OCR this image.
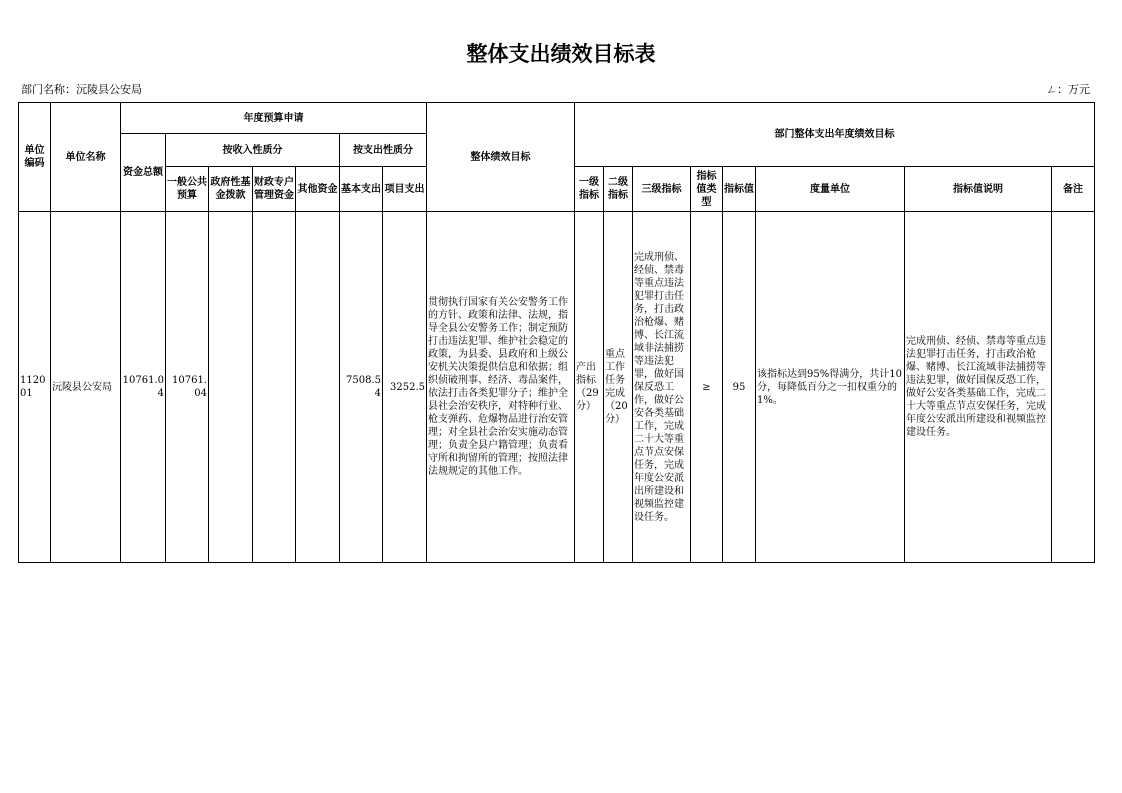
整体支出绩效目标表
部门名称：沅陵县公安局	ㄥ：万元
单位编码	单位名称	年度预算申请							整体绩效目标	部门整体支出年度绩效目标							
		资金总额	按收入性质分				按支出性质分										
			一般公共预算	政府性基金拨款	财政专户管理资金	其他资金	基本支出	项目支出		一级指标	二级指标	三级指标	指标值类型	指标值	度量单位	指标值说明	备注
112001	沅陵县公安局	10761.04	10761.04				7508.54	3252.5	贯彻执行国家有关公安警务工作的方针、政策和法律、法规，指导全县公安警务工作；制定预防打击违法犯罪、维护社会稳定的政策，为县委、县政府和上级公安机关决策提供信息和依据；组织侦破刑事、经济、毒品案件，依法打击各类犯罪分子；维护全县社会治安秩序，对特种行业、枪支弹药、危爆物品进行治安管理；对全县社会治安实施动态管理；负责全县户籍管理；负责看守所和拘留所的管理；按照法律法规规定的其他工作。	产出指标（29分）	重点工作任务完成（20分）	完成刑侦、经侦、禁毒等重点违法犯罪打击任务，打击政治枪爆、赌博、长江流域非法捕捞等违法犯罪，做好国保反恐工作，做好公安各类基础工作，完成二十大等重点节点安保任务，完成年度公安派出所建设和视频监控建设任务。	≥	95	该指标达到95%得满分，共计10分，每降低百分之一扣权重分的1%。	完成刑侦、经侦、禁毒等重点违法犯罪打击任务，打击政治枪爆、赌博、长江流域非法捕捞等违法犯罪，做好国保反恐工作，做好公安各类基础工作，完成二十大等重点节点安保任务，完成年度公安派出所建设和视频监控建设任务。	
